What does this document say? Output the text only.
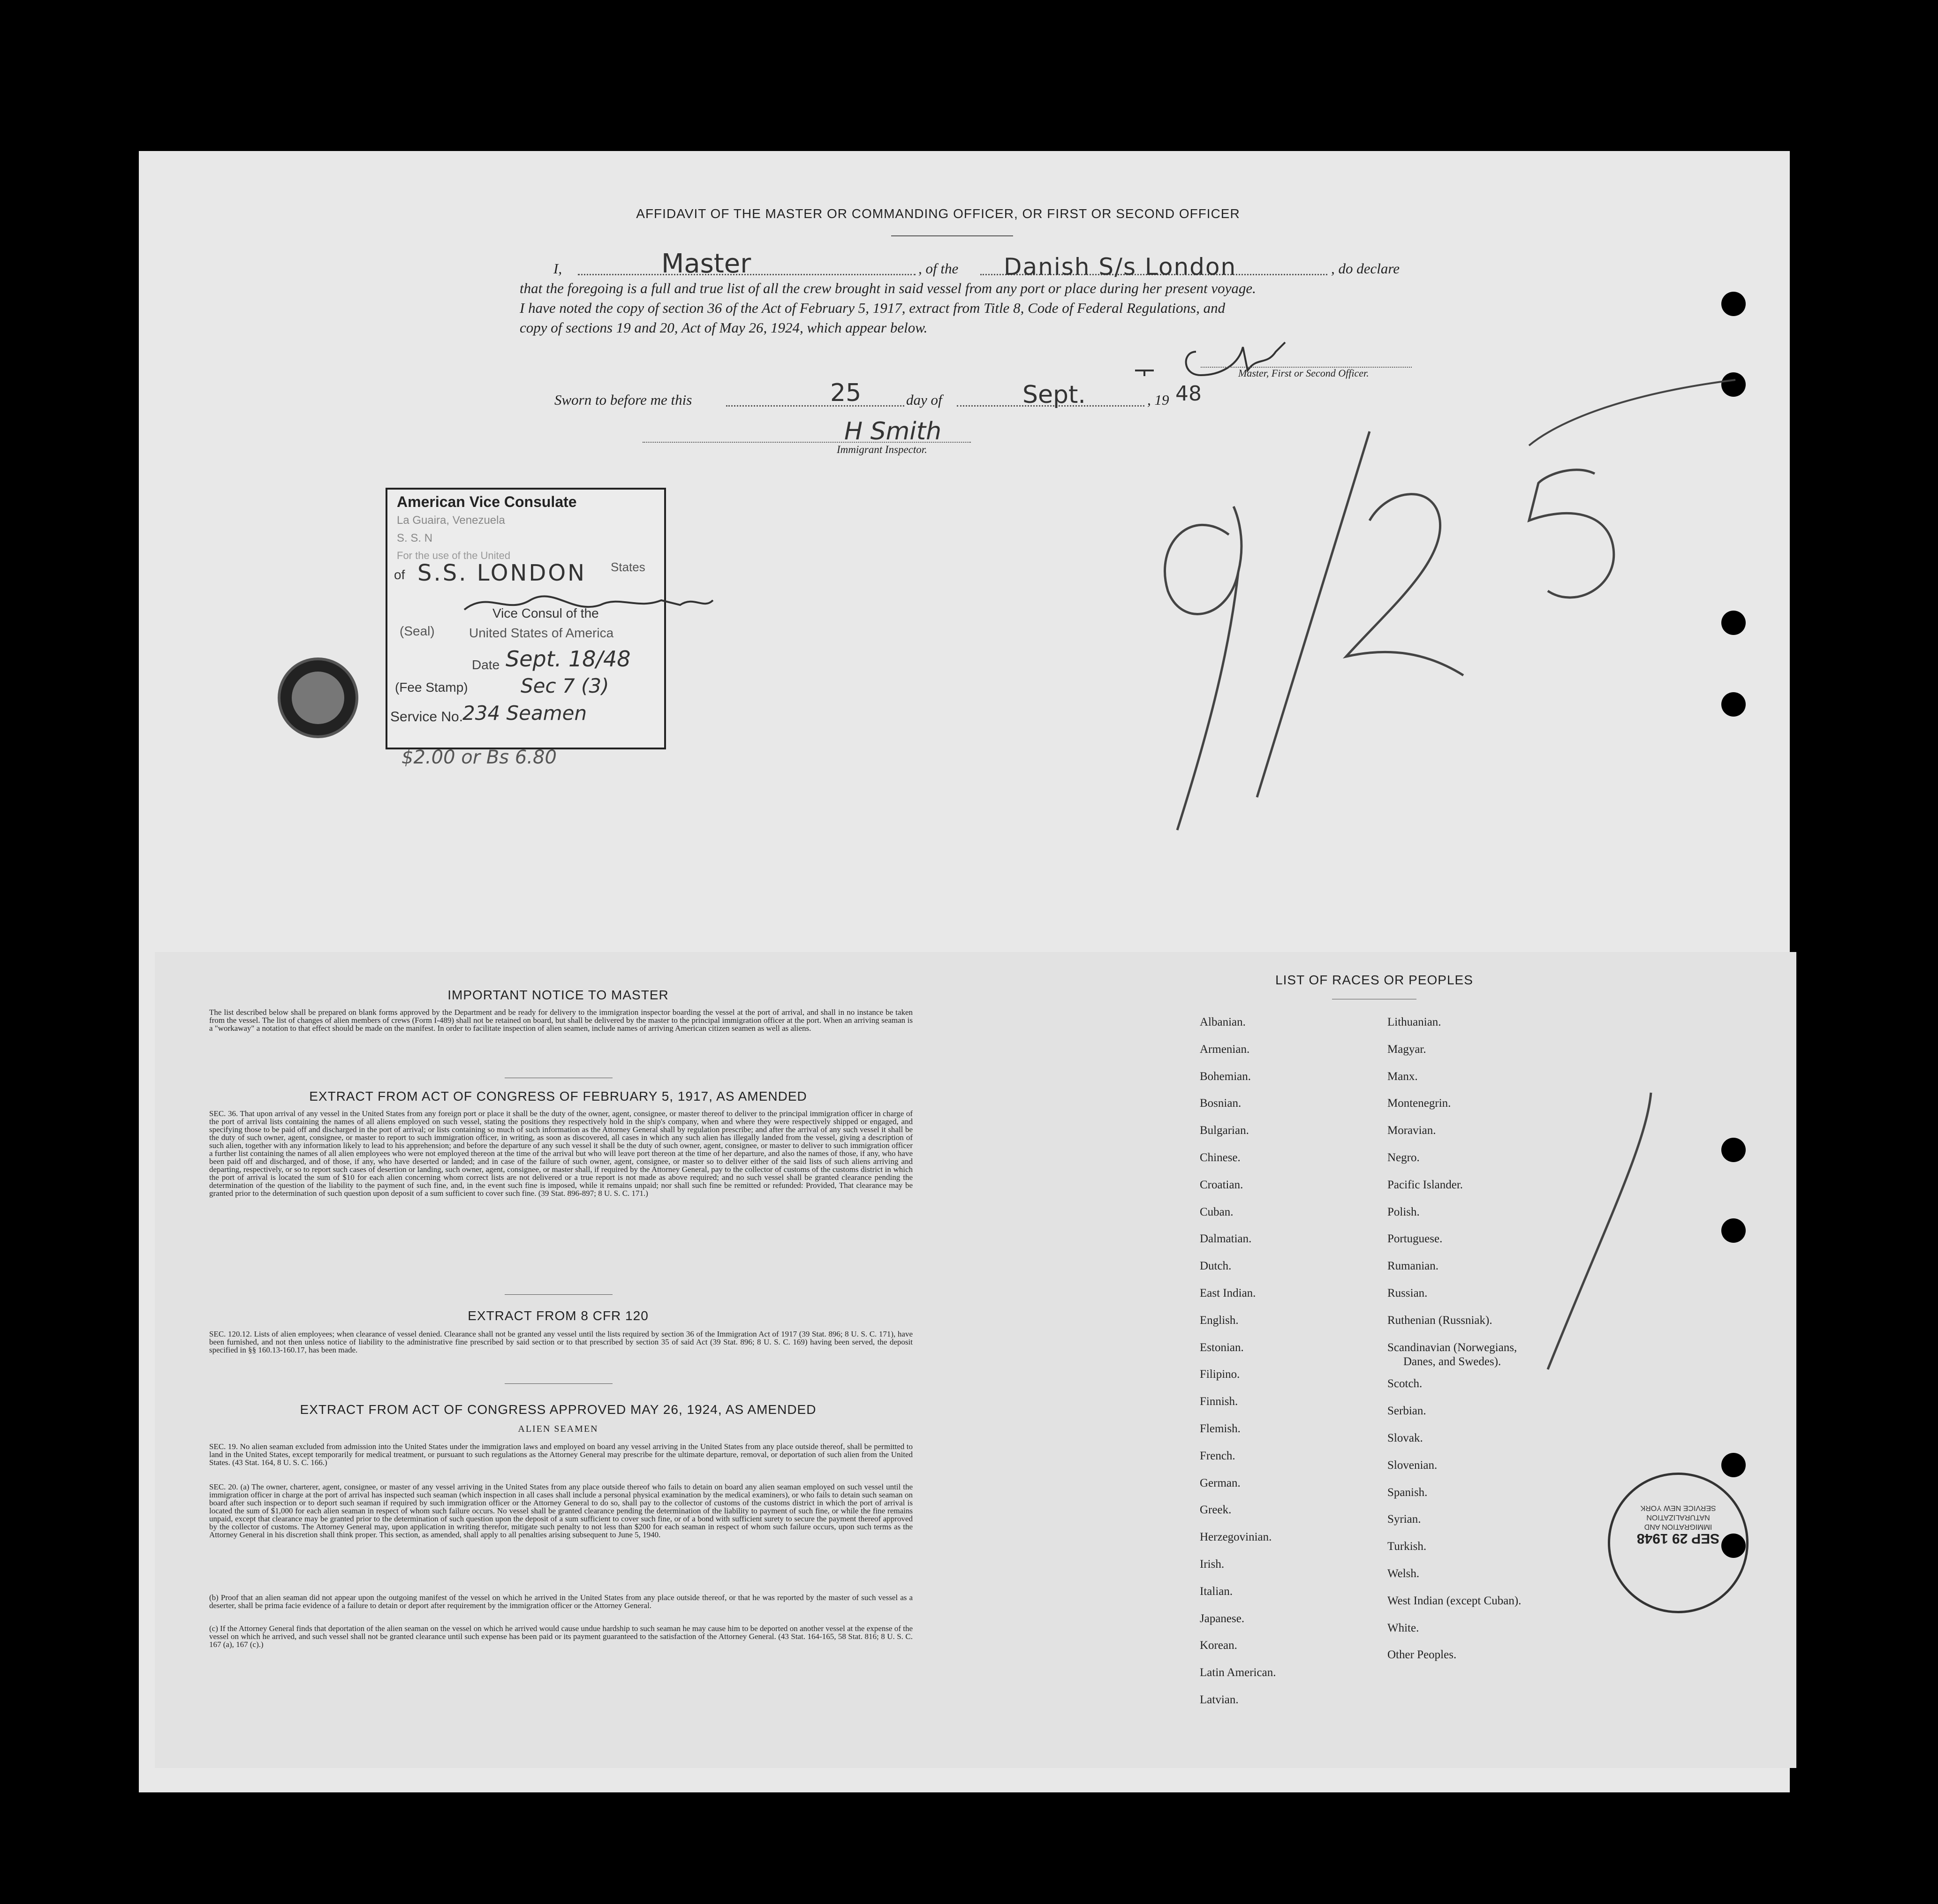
AFFIDAVIT OF THE MASTER OR COMMANDING OFFICER, OR FIRST OR SECOND OFFICER
I,	Master	, of the Danish S/s London	, do declare
that the foregoing is a full and true list of all the crew brought in said vessel from any port or place during her present voyage.
I have noted the copy of section 36 of the Act of February 5, 1917, extract from Title 8, Code of Federal Regulations, and
copy of sections 19 and 20, Act of May 26, 1924, which appear below.
Master, First or Second Officer.
Sworn to before me this	25	day of	Sept.	, 19 48
H Smith
Immigrant Inspector.
American Vice Consulate
La Guaira, Venezuela
S. S. N
For the use of the United
States
of S.S. LONDON
Vice Consul of the
(Seal)	United States of America
Date Sept. 18/48
(Fee Stamp)	Sec 7 (3)
Service No.
234 Seamen
$2.00 or Bs 6.80
IMPORTANT NOTICE TO MASTER
The list described below shall be prepared on blank forms approved by the Department and be ready for delivery to the immigration inspector boarding the vessel at the port of arrival, and shall in no instance be taken from the vessel. The list of changes of alien members of crews (Form I-489) shall not be retained on board, but shall be delivered by the master to the principal immigration officer at the port. When an arriving seaman is a "workaway" a notation to that effect should be made on the manifest. In order to facilitate inspection of alien seamen, include names of arriving American citizen seamen as well as aliens.
EXTRACT FROM ACT OF CONGRESS OF FEBRUARY 5, 1917, AS AMENDED
SEC. 36. That upon arrival of any vessel in the United States from any foreign port or place it shall be the duty of the owner, agent, consignee, or master thereof to deliver to the principal immigration officer in charge of the port of arrival lists containing the names of all aliens employed on such vessel, stating the positions they respectively hold in the ship's company, when and where they were respectively shipped or engaged, and specifying those to be paid off and discharged in the port of arrival; or lists containing so much of such information as the Attorney General shall by regulation prescribe; and after the arrival of any such vessel it shall be the duty of such owner, agent, consignee, or master to report to such immigration officer, in writing, as soon as discovered, all cases in which any such alien has illegally landed from the vessel, giving a description of such alien, together with any information likely to lead to his apprehension; and before the departure of any such vessel it shall be the duty of such owner, agent, consignee, or master to deliver to such immigration officer a further list containing the names of all alien employees who were not employed thereon at the time of the arrival but who will leave port thereon at the time of her departure, and also the names of those, if any, who have been paid off and discharged, and of those, if any, who have deserted or landed; and in case of the failure of such owner, agent, consignee, or master so to deliver either of the said lists of such aliens arriving and departing, respectively, or so to report such cases of desertion or landing, such owner, agent, consignee, or master shall, if required by the Attorney General, pay to the collector of customs of the customs district in which the port of arrival is located the sum of $10 for each alien concerning whom correct lists are not delivered or a true report is not made as above required; and no such vessel shall be granted clearance pending the determination of the question of the liability to the payment of such fine, and, in the event such fine is imposed, while it remains unpaid; nor shall such fine be remitted or refunded: Provided, That clearance may be granted prior to the determination of such question upon deposit of a sum sufficient to cover such fine. (39 Stat. 896-897; 8 U. S. C. 171.)
EXTRACT FROM 8 CFR 120
SEC. 120.12. Lists of alien employees; when clearance of vessel denied. Clearance shall not be granted any vessel until the lists required by section 36 of the Immigration Act of 1917 (39 Stat. 896; 8 U. S. C. 171), have been furnished, and not then unless notice of liability to the administrative fine prescribed by said section or to that prescribed by section 35 of said Act (39 Stat. 896; 8 U. S. C. 169) having been served, the deposit specified in §§ 160.13-160.17, has been made.
EXTRACT FROM ACT OF CONGRESS APPROVED MAY 26, 1924, AS AMENDED
ALIEN SEAMEN
SEC. 19. No alien seaman excluded from admission into the United States under the immigration laws and employed on board any vessel arriving in the United States from any place outside thereof, shall be permitted to land in the United States, except temporarily for medical treatment, or pursuant to such regulations as the Attorney General may prescribe for the ultimate departure, removal, or deportation of such alien from the United States. (43 Stat. 164, 8 U. S. C. 166.)
SEC. 20. (a) The owner, charterer, agent, consignee, or master of any vessel arriving in the United States from any place outside thereof who fails to detain on board any alien seaman employed on such vessel until the immigration officer in charge at the port of arrival has inspected such seaman (which inspection in all cases shall include a personal physical examination by the medical examiners), or who fails to detain such seaman on board after such inspection or to deport such seaman if required by such immigration officer or the Attorney General to do so, shall pay to the collector of customs of the customs district in which the port of arrival is located the sum of $1,000 for each alien seaman in respect of whom such failure occurs. No vessel shall be granted clearance pending the determination of the liability to payment of such fine, or while the fine remains unpaid, except that clearance may be granted prior to the determination of such question upon the deposit of a sum sufficient to cover such fine, or of a bond with sufficient surety to secure the payment thereof approved by the collector of customs. The Attorney General may, upon application in writing therefor, mitigate such penalty to not less than $200 for each seaman in respect of whom such failure occurs, upon such terms as the Attorney General in his discretion shall think proper. This section, as amended, shall apply to all penalties arising subsequent to June 5, 1940.
(b) Proof that an alien seaman did not appear upon the outgoing manifest of the vessel on which he arrived in the United States from any place outside thereof, or that he was reported by the master of such vessel as a deserter, shall be prima facie evidence of a failure to detain or deport after requirement by the immigration officer or the Attorney General.
(c) If the Attorney General finds that deportation of the alien seaman on the vessel on which he arrived would cause undue hardship to such seaman he may cause him to be deported on another vessel at the expense of the vessel on which he arrived, and such vessel shall not be granted clearance until such expense has been paid or its payment guaranteed to the satisfaction of the Attorney General. (43 Stat. 164-165, 58 Stat. 816; 8 U. S. C. 167 (a), 167 (c).)
LIST OF RACES OR PEOPLES
Albanian.
Armenian.
Bohemian.
Bosnian.
Bulgarian.
Chinese.
Croatian.
Cuban.
Dalmatian.
Dutch.
East Indian.
English.
Estonian.
Filipino.
Finnish.
Flemish.
French.
German.
Greek.
Herzegovinian.
Irish.
Italian.
Japanese.
Korean.
Latin American.
Latvian.
Lithuanian.
Magyar.
Manx.
Montenegrin.
Moravian.
Negro.
Pacific Islander.
Polish.
Portuguese.
Rumanian.
Russian.
Ruthenian (Russniak).
Scandinavian (Norwegians,
Danes, and Swedes).
Scotch.
Serbian.
Slovak.
Slovenian.
Spanish.
Syrian.
Turkish.
Welsh.
West Indian (except Cuban).
White.
Other Peoples.
SEP 29 1948
IMMIGRATION AND NATURALIZATION SERVICE NEW YORK
